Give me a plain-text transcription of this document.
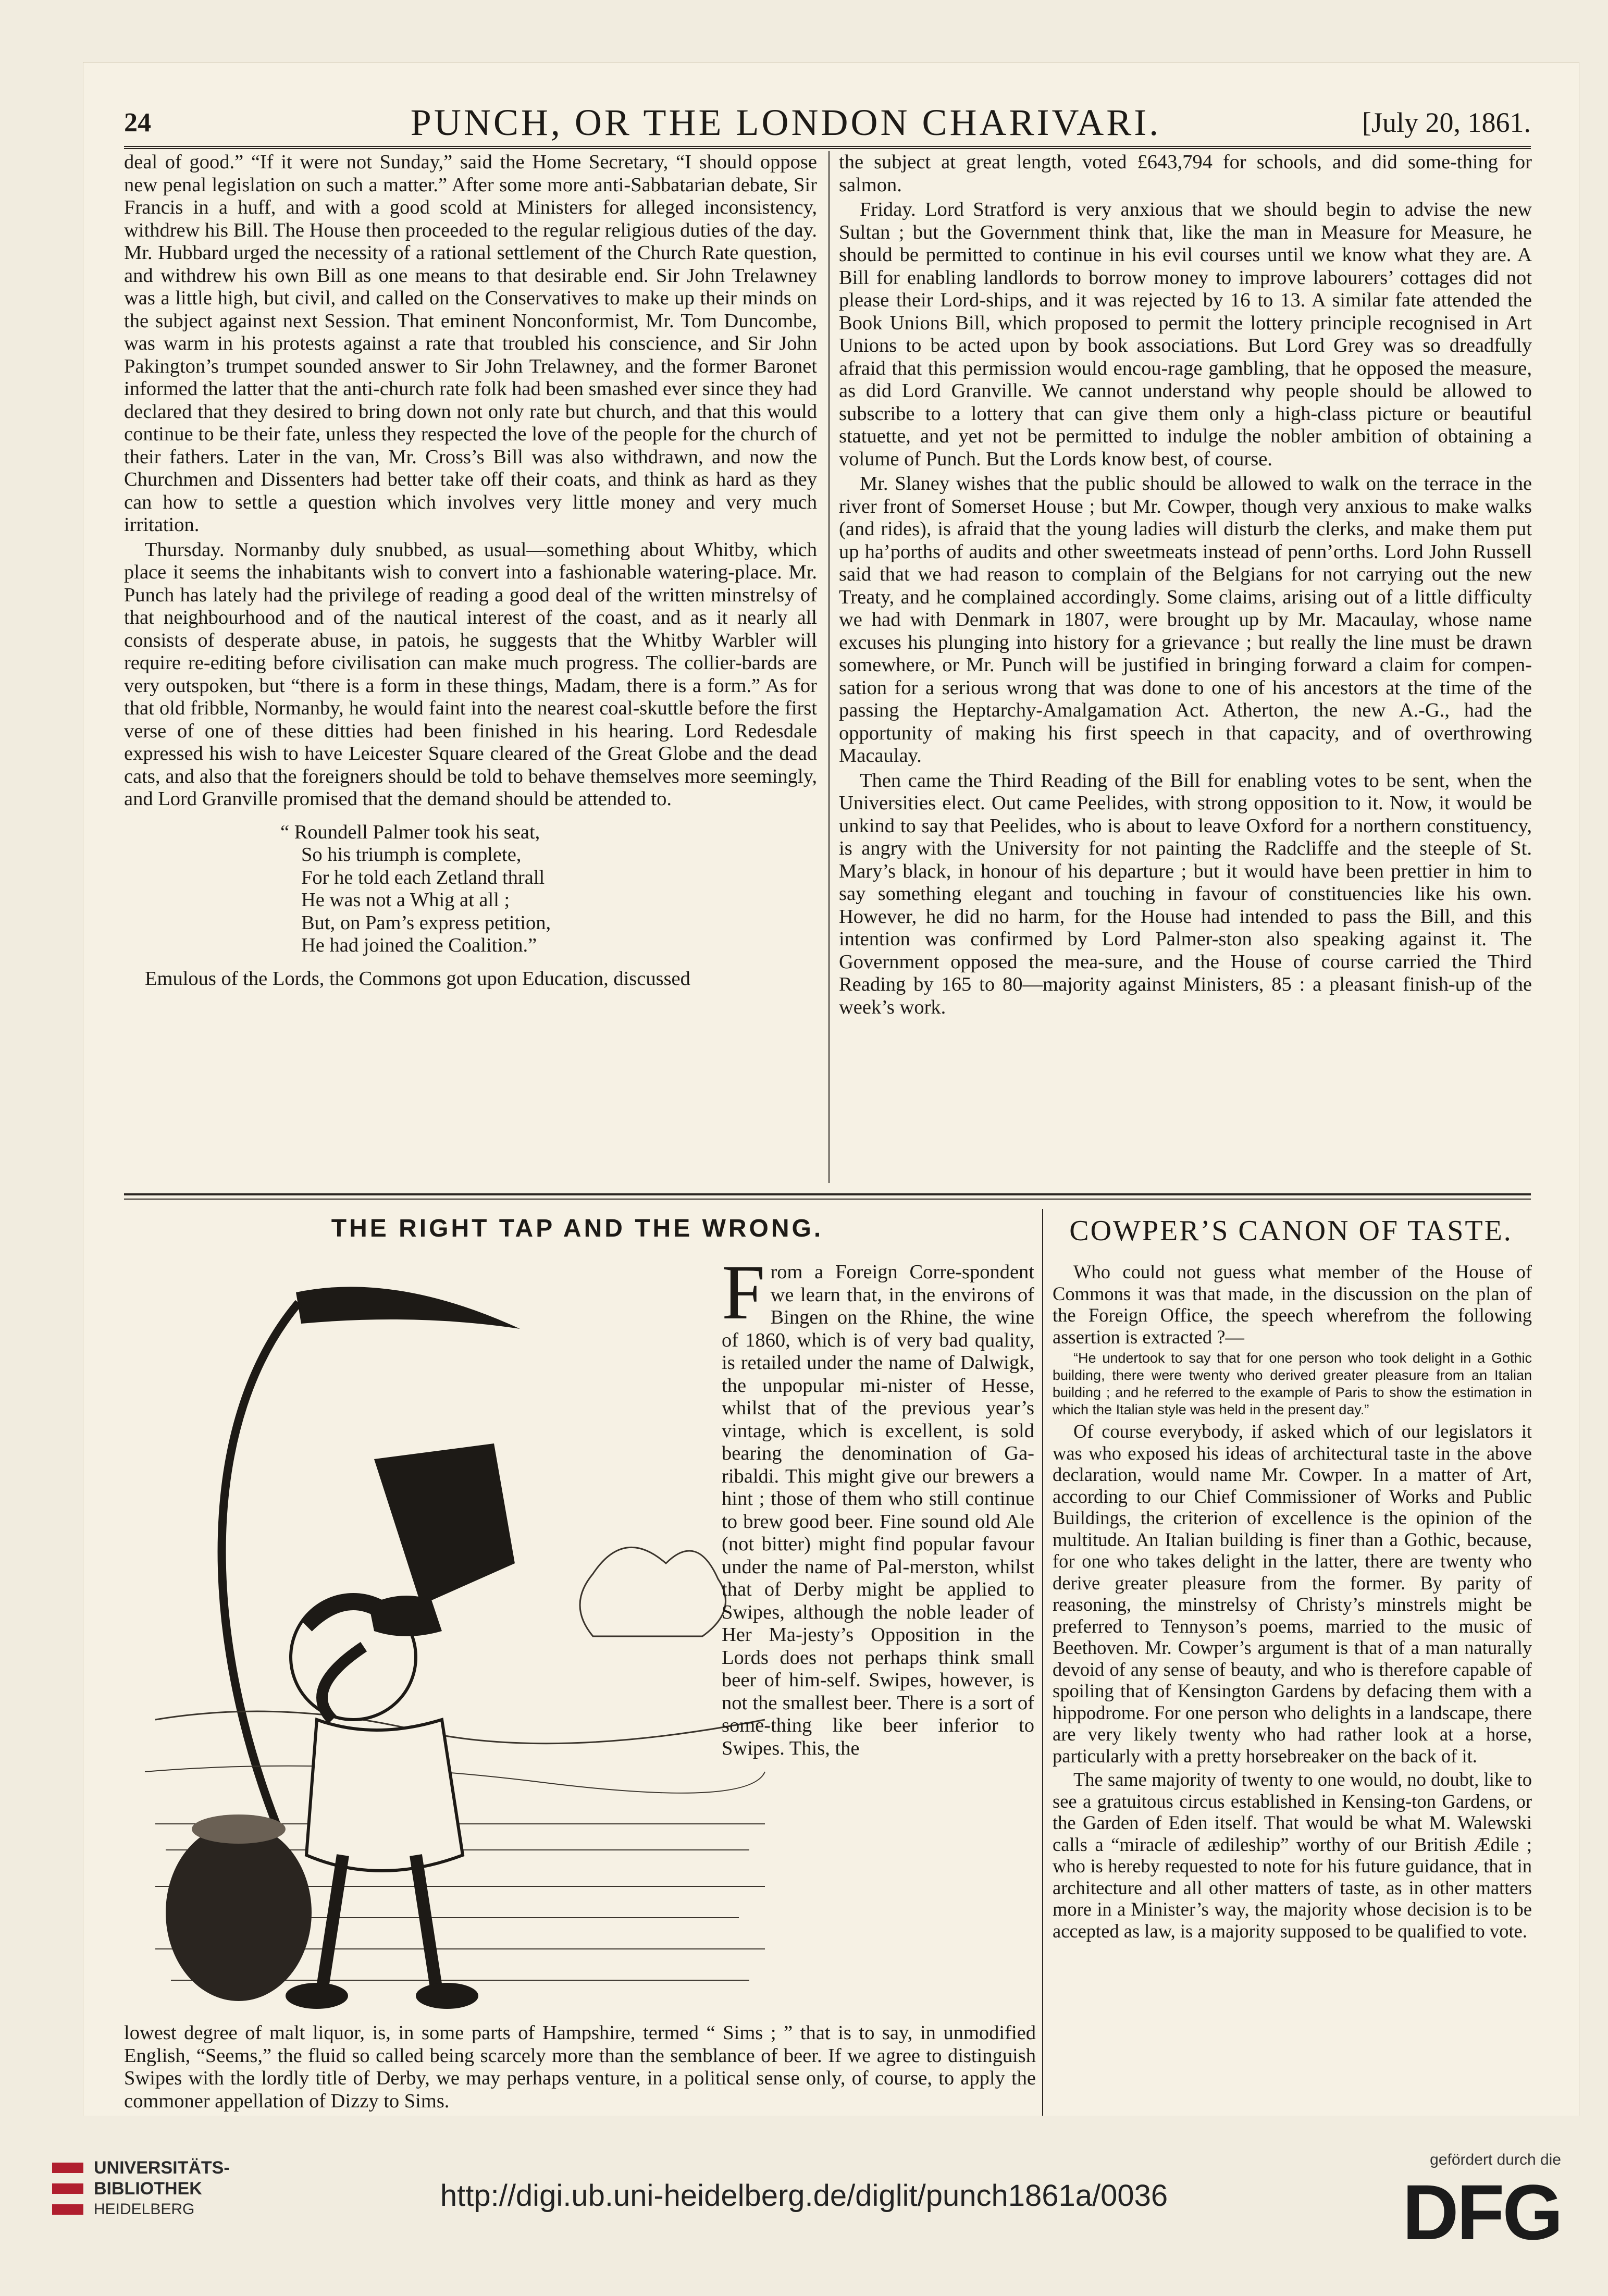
24	PUNCH, OR THE LONDON CHARIVARI.	[July 20, 1861.

deal of good.” “If it were not Sunday,” said the Home Secretary, “I should oppose new penal legislation on such a matter.” After some more anti-Sabbatarian debate, Sir Francis in a huff, and with a good scold at Ministers for alleged inconsistency, withdrew his Bill. The House then proceeded to the regular religious duties of the day. Mr. Hubbard urged the necessity of a rational settlement of the Church Rate question, and withdrew his own Bill as one means to that desirable end. Sir John Trelawney was a little high, but civil, and called on the Conservatives to make up their minds on the subject against next Session. That eminent Nonconformist, Mr. Tom Duncombe, was warm in his protests against a rate that troubled his conscience, and Sir John Pakington’s trumpet sounded answer to Sir John Trelawney, and the former Baronet informed the latter that the anti-church rate folk had been smashed ever since they had declared that they desired to bring down not only rate but church, and that this would continue to be their fate, unless they respected the love of the people for the church of their fathers. Later in the van, Mr. Cross’s Bill was also withdrawn, and now the Churchmen and Dissenters had better take off their coats, and think as hard as they can how to settle a question which involves very little money and very much irritation.

Thursday. Normanby duly snubbed, as usual—something about Whitby, which place it seems the inhabitants wish to convert into a fashionable watering-place. Mr. Punch has lately had the privilege of reading a good deal of the written minstrelsy of that neighbourhood and of the nautical interest of the coast, and as it nearly all consists of desperate abuse, in patois, he suggests that the Whitby Warbler will require re-editing before civilisation can make much progress. The collier-bards are very outspoken, but “there is a form in these things, Madam, there is a form.” As for that old fribble, Normanby, he would faint into the nearest coal-skuttle before the first verse of one of these ditties had been finished in his hearing. Lord Redesdale expressed his wish to have Leicester Square cleared of the Great Globe and the dead cats, and also that the foreigners should be told to behave themselves more seemingly, and Lord Granville promised that the demand should be attended to.

“ Roundell Palmer took his seat,
So his triumph is complete,
For he told each Zetland thrall
He was not a Whig at all ;
But, on Pam’s express petition,
He had joined the Coalition.”

Emulous of the Lords, the Commons got upon Education, discussed

the subject at great length, voted £643,794 for schools, and did some-thing for salmon.

Friday. Lord Stratford is very anxious that we should begin to advise the new Sultan ; but the Government think that, like the man in Measure for Measure, he should be permitted to continue in his evil courses until we know what they are. A Bill for enabling landlords to borrow money to improve labourers’ cottages did not please their Lord-ships, and it was rejected by 16 to 13. A similar fate attended the Book Unions Bill, which proposed to permit the lottery principle recognised in Art Unions to be acted upon by book associations. But Lord Grey was so dreadfully afraid that this permission would encou-rage gambling, that he opposed the measure, as did Lord Granville. We cannot understand why people should be allowed to subscribe to a lottery that can give them only a high-class picture or beautiful statuette, and yet not be permitted to indulge the nobler ambition of obtaining a volume of Punch. But the Lords know best, of course.

Mr. Slaney wishes that the public should be allowed to walk on the terrace in the river front of Somerset House ; but Mr. Cowper, though very anxious to make walks (and rides), is afraid that the young ladies will disturb the clerks, and make them put up ha’porths of audits and other sweetmeats instead of penn’orths. Lord John Russell said that we had reason to complain of the Belgians for not carrying out the new Treaty, and he complained accordingly. Some claims, arising out of a little difficulty we had with Denmark in 1807, were brought up by Mr. Macaulay, whose name excuses his plunging into history for a grievance ; but really the line must be drawn somewhere, or Mr. Punch will be justified in bringing forward a claim for compen-sation for a serious wrong that was done to one of his ancestors at the time of the passing the Heptarchy-Amalgamation Act. Atherton, the new A.-G., had the opportunity of making his first speech in that capacity, and of overthrowing Macaulay.

Then came the Third Reading of the Bill for enabling votes to be sent, when the Universities elect. Out came Peelides, with strong opposition to it. Now, it would be unkind to say that Peelides, who is about to leave Oxford for a northern constituency, is angry with the University for not painting the Radcliffe and the steeple of St. Mary’s black, in honour of his departure ; but it would have been prettier in him to say something elegant and touching in favour of constituencies like his own. However, he did no harm, for the House had intended to pass the Bill, and this intention was confirmed by Lord Palmer-ston also speaking against it. The Government opposed the mea-sure, and the House of course carried the Third Reading by 165 to 80—majority against Ministers, 85 : a pleasant finish-up of the week’s work.

THE RIGHT TAP AND THE WRONG.

From a Foreign Corre-spondent we learn that, in the environs of Bingen on the Rhine, the wine of 1860, which is of very bad quality, is retailed under the name of Dalwigk, the unpopular mi-nister of Hesse, whilst that of the previous year’s vintage, which is excellent, is sold bearing the denomination of Ga-ribaldi. This might give our brewers a hint ; those of them who still continue to brew good beer. Fine sound old Ale (not bitter) might find popular favour under the name of Pal-merston, whilst that of Derby might be applied to Swipes, although the noble leader of Her Ma-jesty’s Opposition in the Lords does not perhaps think small beer of him-self. Swipes, however, is not the smallest beer. There is a sort of some-thing like beer inferior to Swipes. This, the

lowest degree of malt liquor, is, in some parts of Hampshire, termed “ Sims ; ” that is to say, in unmodified English, “Seems,” the fluid so called being scarcely more than the semblance of beer. If we agree to distinguish Swipes with the lordly title of Derby, we may perhaps venture, in a political sense only, of course, to apply the commoner appellation of Dizzy to Sims.

COWPER’S CANON OF TASTE.

Who could not guess what member of the House of Commons it was that made, in the discussion on the plan of the Foreign Office, the speech wherefrom the following assertion is extracted ?—

“He undertook to say that for one person who took delight in a Gothic building, there were twenty who derived greater pleasure from an Italian building ; and he referred to the example of Paris to show the estimation in which the Italian style was held in the present day.”

Of course everybody, if asked which of our legislators it was who exposed his ideas of architectural taste in the above declaration, would name Mr. Cowper. In a matter of Art, according to our Chief Commissioner of Works and Public Buildings, the criterion of excellence is the opinion of the multitude. An Italian building is finer than a Gothic, because, for one who takes delight in the latter, there are twenty who derive greater pleasure from the former. By parity of reasoning, the minstrelsy of Christy’s minstrels might be preferred to Tennyson’s poems, married to the music of Beethoven. Mr. Cowper’s argument is that of a man naturally devoid of any sense of beauty, and who is therefore capable of spoiling that of Kensington Gardens by defacing them with a hippodrome. For one person who delights in a landscape, there are very likely twenty who had rather look at a horse, particularly with a pretty horsebreaker on the back of it.

The same majority of twenty to one would, no doubt, like to see a gratuitous circus established in Kensing-ton Gardens, or the Garden of Eden itself. That would be what M. Walewski calls a “miracle of ædileship” worthy of our British Ædile ; who is hereby requested to note for his future guidance, that in architecture and all other matters of taste, as in other matters more in a Minister’s way, the majority whose decision is to be accepted as law, is a majority supposed to be qualified to vote.

UNIVERSITÄTS-
BIBLIOTHEK
HEIDELBERG	http://digi.ub.uni-heidelberg.de/diglit/punch1861a/0036
gefördert durch die
DFG
